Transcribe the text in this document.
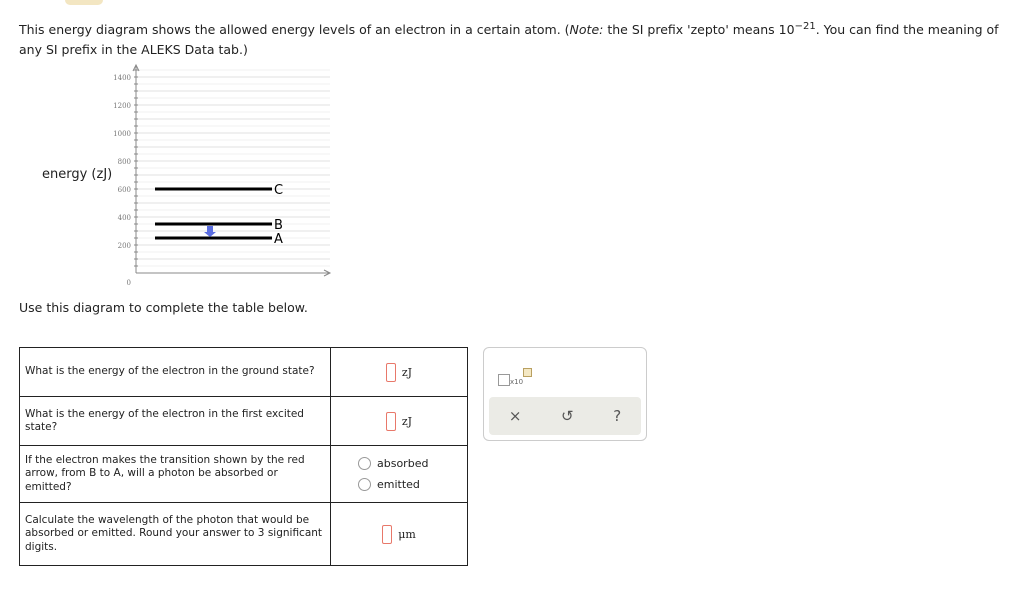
This energy diagram shows the allowed energy levels of an electron in a certain atom. (Note: the SI prefix 'zepto' means $10^{-21}$. You can find the meaning of any SI prefix in the ALEKS Data tab.)
energy (zJ)
0
200
400
600
800
1000
1200
1400
A
B
C
Use this diagram to complete the table below.
What is the energy of the electron in the ground state?	zJ
What is the energy of the electron in the first excited state?	zJ
If the electron makes the transition shown by the red arrow, from B to A, will a photon be absorbed or emitted?	absorbed
emitted

Calculate the wavelength of the photon that would be absorbed or emitted. Round your answer to 3 significant digits.	μm
x10
×	↺	?
